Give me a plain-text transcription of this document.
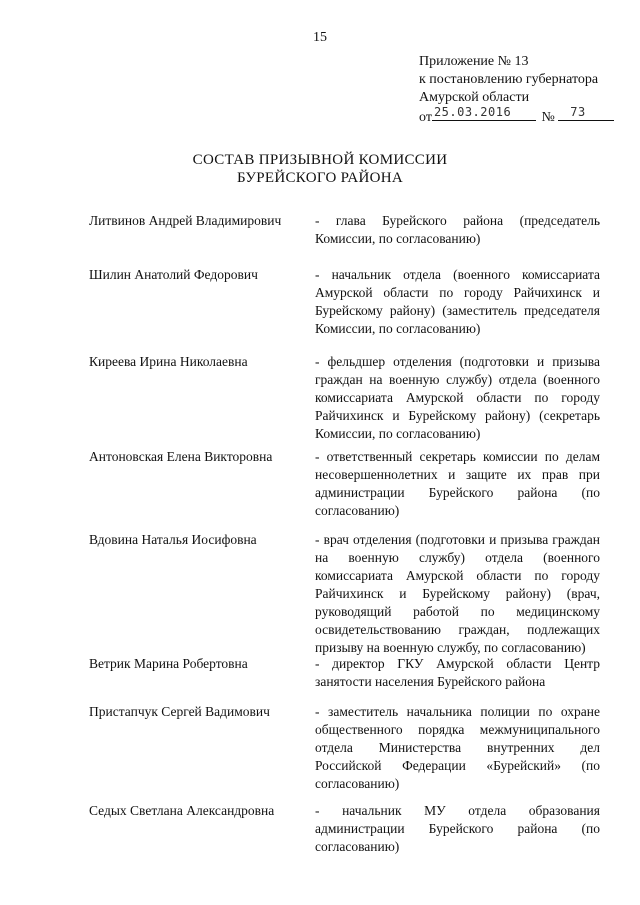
15
Приложение № 13
к постановлению губернатора
Амурской области
от 25.03.2016 № 73
СОСТАВ ПРИЗЫВНОЙ КОМИССИИ
БУРЕЙСКОГО РАЙОНА
Литвинов Андрей Владимирович	- глава Бурейского района (председатель Комиссии, по согласованию)
Шилин Анатолий Федорович	- начальник отдела (военного комиссариата Амурской области по городу Райчихинск и Бурейскому району) (заместитель председателя Комиссии, по согласованию)
Киреева Ирина Николаевна	- фельдшер отделения (подготовки и призыва граждан на военную службу) отдела (военного комиссариата Амурской области по городу Райчихинск и Бурейскому району) (секретарь Комиссии, по согласованию)
Антоновская Елена Викторовна	- ответственный секретарь комиссии по делам несовершеннолетних и защите их прав при администрации Бурейского района (по согласованию)
Вдовина Наталья Иосифовна	- врач отделения (подготовки и призыва граждан на военную службу) отдела (военного комиссариата Амурской области по городу Райчихинск и Бурейскому району) (врач, руководящий работой по медицинскому освидетельствованию граждан, подлежащих призыву на военную службу, по согласованию)
Ветрик Марина Робертовна	- директор ГКУ Амурской области Центр занятости населения Бурейского района
Пристапчук Сергей Вадимович	- заместитель начальника полиции по охране общественного порядка межмуниципального отдела Министерства внутренних дел Российской Федерации «Бурейский» (по согласованию)
Седых Светлана Александровна	- начальник МУ отдела образования администрации Бурейского района (по согласованию)
